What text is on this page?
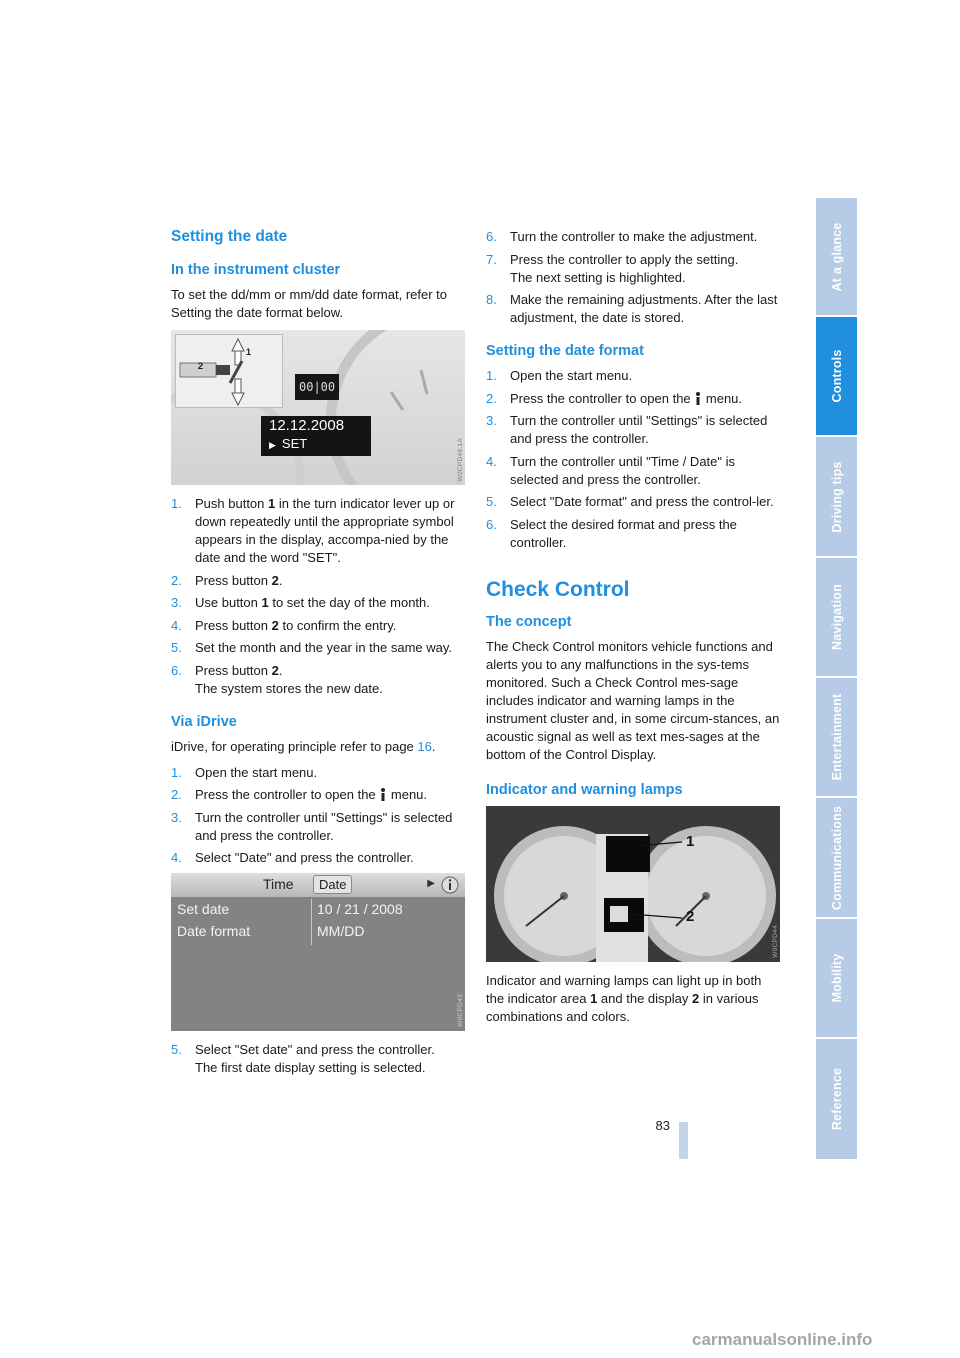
At a glance
Controls
Driving tips
Navigation
Entertainment
Communications
Mobility
Reference
Setting the date
In the instrument cluster

To set the dd/mm or mm/dd date format, refer to Setting the date format below.

2
1
00|00
12.12.2008
▶ SET	W0CPD46.1A
1. Push button 1 in the turn indicator lever up or down repeatedly until the appropriate symbol appears in the display, accompa-nied by the date and the word "SET".
2. Press button 2.
3. Use button 1 to set the day of the month.
4. Press button 2 to confirm the entry.
5. Set the month and the year in the same way.
6. Press button 2.
The system stores the new date.
Via iDrive

iDrive, for operating principle refer to page 16.

1. Open the start menu.
2. Press the controller to open the  menu.
3. Turn the controller until "Settings" is selected and press the controller.
4. Select "Date" and press the controller.
Time	Date	▶
Set date	10 / 21 / 2008
Date format	MM/DD
W0CPD43
5. Select "Set date" and press the controller.
The first date display setting is selected.
6. Turn the controller to make the adjustment.
7. Press the controller to apply the setting.
The next setting is highlighted.
8. Make the remaining adjustments. After the last adjustment, the date is stored.
Setting the date format
1. Open the start menu.
2. Press the controller to open the  menu.
3. Turn the controller until "Settings" is selected and press the controller.
4. Turn the controller until "Time / Date" is selected and press the controller.
5. Select "Date format" and press the control-ler.
6. Select the desired format and press the controller.
Check Control
The concept

The Check Control monitors vehicle functions and alerts you to any malfunctions in the sys-tems monitored. Such a Check Control mes-sage includes indicator and warning lamps in the instrument cluster and, in some circum-stances, an acoustic signal as well as text mes-sages at the bottom of the Control Display.

Indicator and warning lamps
1
2
W0CPD44

Indicator and warning lamps can light up in both the indicator area 1 and the display 2 in various combinations and colors.

83
carmanualsonline.info
